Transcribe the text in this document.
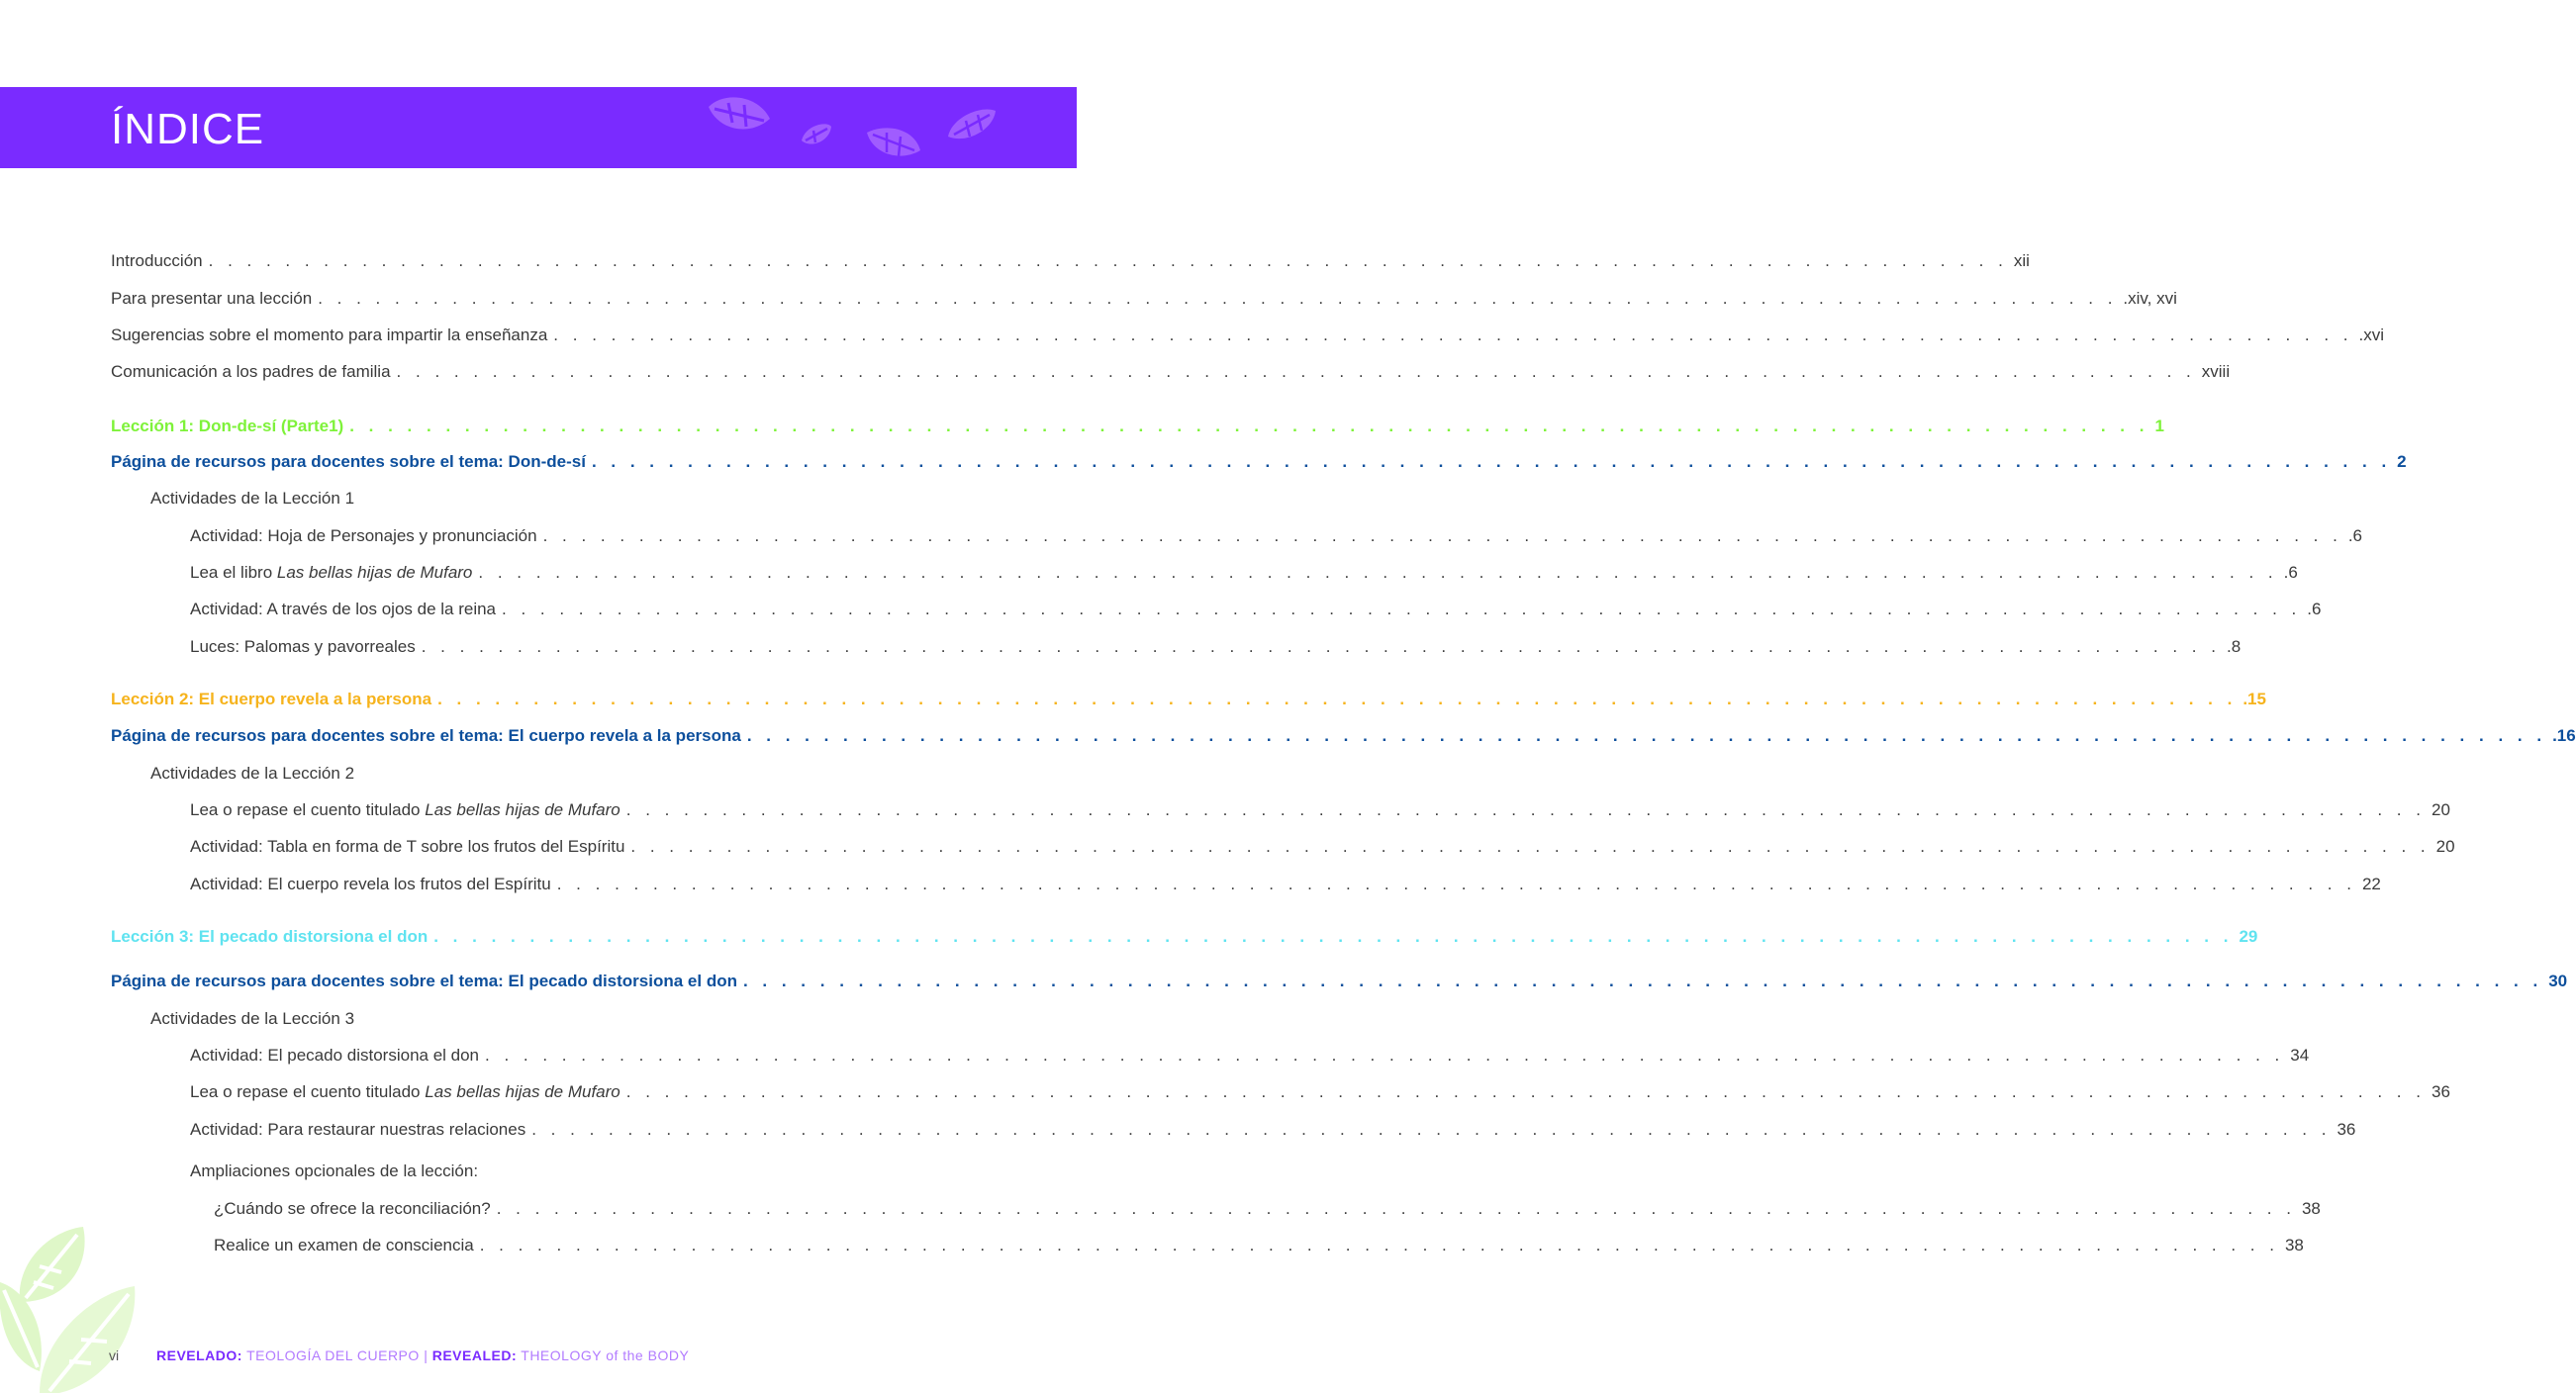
ÍNDICE
Introducción . . . . . . . . . . . . . . . . . . . . . . . . . . . . . . . . . . . . . . . . . . . . . . . . . . . . . . . . . . . . . . . . . . . . . . . . . . . . . . . . . . . . . . . . . . . . . . xii
Para presentar una lección . . . . . . . . . . . . . . . . . . . . . . . . . . . . . . . . . . . . . . . . . . . . . . . . . . . . . . . . . . . . . . . . . . . . . . . . . . . . . . . . . . . . . . . . . . . . . . .xiv, xvi
Sugerencias sobre el momento para impartir la enseñanza . . . . . . . . . . . . . . . . . . . . . . . . . . . . . . . . . . . . . . . . . . . . . . . . . . . . . . . . . . . . . . . . . . . . . . . . . . . . . . . . . . . . . . . . . . . . . . .xvi
Comunicación a los padres de familia . . . . . . . . . . . . . . . . . . . . . . . . . . . . . . . . . . . . . . . . . . . . . . . . . . . . . . . . . . . . . . . . . . . . . . . . . . . . . . . . . . . . . . . . . . . . . . xviii
Lección 1: Don-de-sí (Parte1) . . . . . . . . . . . . . . . . . . . . . . . . . . . . . . . . . . . . . . . . . . . . . . . . . . . . . . . . . . . . . . . . . . . . . . . . . . . . . . . . . . . . . . . . . . . . . . 1
Página de recursos para docentes sobre el tema: Don-de-sí . . . . . . . . . . . . . . . . . . . . . . . . . . . . . . . . . . . . . . . . . . . . . . . . . . . . . . . . . . . . . . . . . . . . . . . . . . . . . . . . . . . . . . . . . . . . . . 2
Actividades de la Lección 1
Actividad: Hoja de Personajes y pronunciación . . . . . . . . . . . . . . . . . . . . . . . . . . . . . . . . . . . . . . . . . . . . . . . . . . . . . . . . . . . . . . . . . . . . . . . . . . . . . . . . . . . . . . . . . . . . . . .6
Lea el libro Las bellas hijas de Mufaro . . . . . . . . . . . . . . . . . . . . . . . . . . . . . . . . . . . . . . . . . . . . . . . . . . . . . . . . . . . . . . . . . . . . . . . . . . . . . . . . . . . . . . . . . . . . . . .6
Actividad: A través de los ojos de la reina . . . . . . . . . . . . . . . . . . . . . . . . . . . . . . . . . . . . . . . . . . . . . . . . . . . . . . . . . . . . . . . . . . . . . . . . . . . . . . . . . . . . . . . . . . . . . . .6
Luces: Palomas y pavorreales . . . . . . . . . . . . . . . . . . . . . . . . . . . . . . . . . . . . . . . . . . . . . . . . . . . . . . . . . . . . . . . . . . . . . . . . . . . . . . . . . . . . . . . . . . . . . . .8
Lección 2: El cuerpo revela a la persona . . . . . . . . . . . . . . . . . . . . . . . . . . . . . . . . . . . . . . . . . . . . . . . . . . . . . . . . . . . . . . . . . . . . . . . . . . . . . . . . . . . . . . . . . . . . . . .15
Página de recursos para docentes sobre el tema: El cuerpo revela a la persona . . . . . . . . . . . . . . . . . . . . . . . . . . . . . . . . . . . . . . . . . . . . . . . . . . . . . . . . . . . . . . . . . . . . . . . . . . . . . . . . . . . . . . . . . . . . . . .16
Actividades de la Lección 2
Lea o repase el cuento titulado Las bellas hijas de Mufaro . . . . . . . . . . . . . . . . . . . . . . . . . . . . . . . . . . . . . . . . . . . . . . . . . . . . . . . . . . . . . . . . . . . . . . . . . . . . . . . . . . . . . . . . . . . . . . 20
Actividad: Tabla en forma de T sobre los frutos del Espíritu . . . . . . . . . . . . . . . . . . . . . . . . . . . . . . . . . . . . . . . . . . . . . . . . . . . . . . . . . . . . . . . . . . . . . . . . . . . . . . . . . . . . . . . . . . . . . . 20
Actividad: El cuerpo revela los frutos del Espíritu . . . . . . . . . . . . . . . . . . . . . . . . . . . . . . . . . . . . . . . . . . . . . . . . . . . . . . . . . . . . . . . . . . . . . . . . . . . . . . . . . . . . . . . . . . . . . . 22
Lección 3: El pecado distorsiona el don . . . . . . . . . . . . . . . . . . . . . . . . . . . . . . . . . . . . . . . . . . . . . . . . . . . . . . . . . . . . . . . . . . . . . . . . . . . . . . . . . . . . . . . . . . . . . . 29
Página de recursos para docentes sobre el tema: El pecado distorsiona el don . . . . . . . . . . . . . . . . . . . . . . . . . . . . . . . . . . . . . . . . . . . . . . . . . . . . . . . . . . . . . . . . . . . . . . . . . . . . . . . . . . . . . . . . . . . . . . 30
Actividades de la Lección 3
Actividad: El pecado distorsiona el don . . . . . . . . . . . . . . . . . . . . . . . . . . . . . . . . . . . . . . . . . . . . . . . . . . . . . . . . . . . . . . . . . . . . . . . . . . . . . . . . . . . . . . . . . . . . . . 34
Lea o repase el cuento titulado Las bellas hijas de Mufaro . . . . . . . . . . . . . . . . . . . . . . . . . . . . . . . . . . . . . . . . . . . . . . . . . . . . . . . . . . . . . . . . . . . . . . . . . . . . . . . . . . . . . . . . . . . . . . 36
Actividad: Para restaurar nuestras relaciones . . . . . . . . . . . . . . . . . . . . . . . . . . . . . . . . . . . . . . . . . . . . . . . . . . . . . . . . . . . . . . . . . . . . . . . . . . . . . . . . . . . . . . . . . . . . . . 36
Ampliaciones opcionales de la lección:
¿Cuándo se ofrece la reconciliación? . . . . . . . . . . . . . . . . . . . . . . . . . . . . . . . . . . . . . . . . . . . . . . . . . . . . . . . . . . . . . . . . . . . . . . . . . . . . . . . . . . . . . . . . . . . . . . 38
Realice un examen de consciencia . . . . . . . . . . . . . . . . . . . . . . . . . . . . . . . . . . . . . . . . . . . . . . . . . . . . . . . . . . . . . . . . . . . . . . . . . . . . . . . . . . . . . . . . . . . . . . 38
vi	REVELADO: TEOLOGÍA DEL CUERPO | REVEALED: THEOLOGY of the BODY
